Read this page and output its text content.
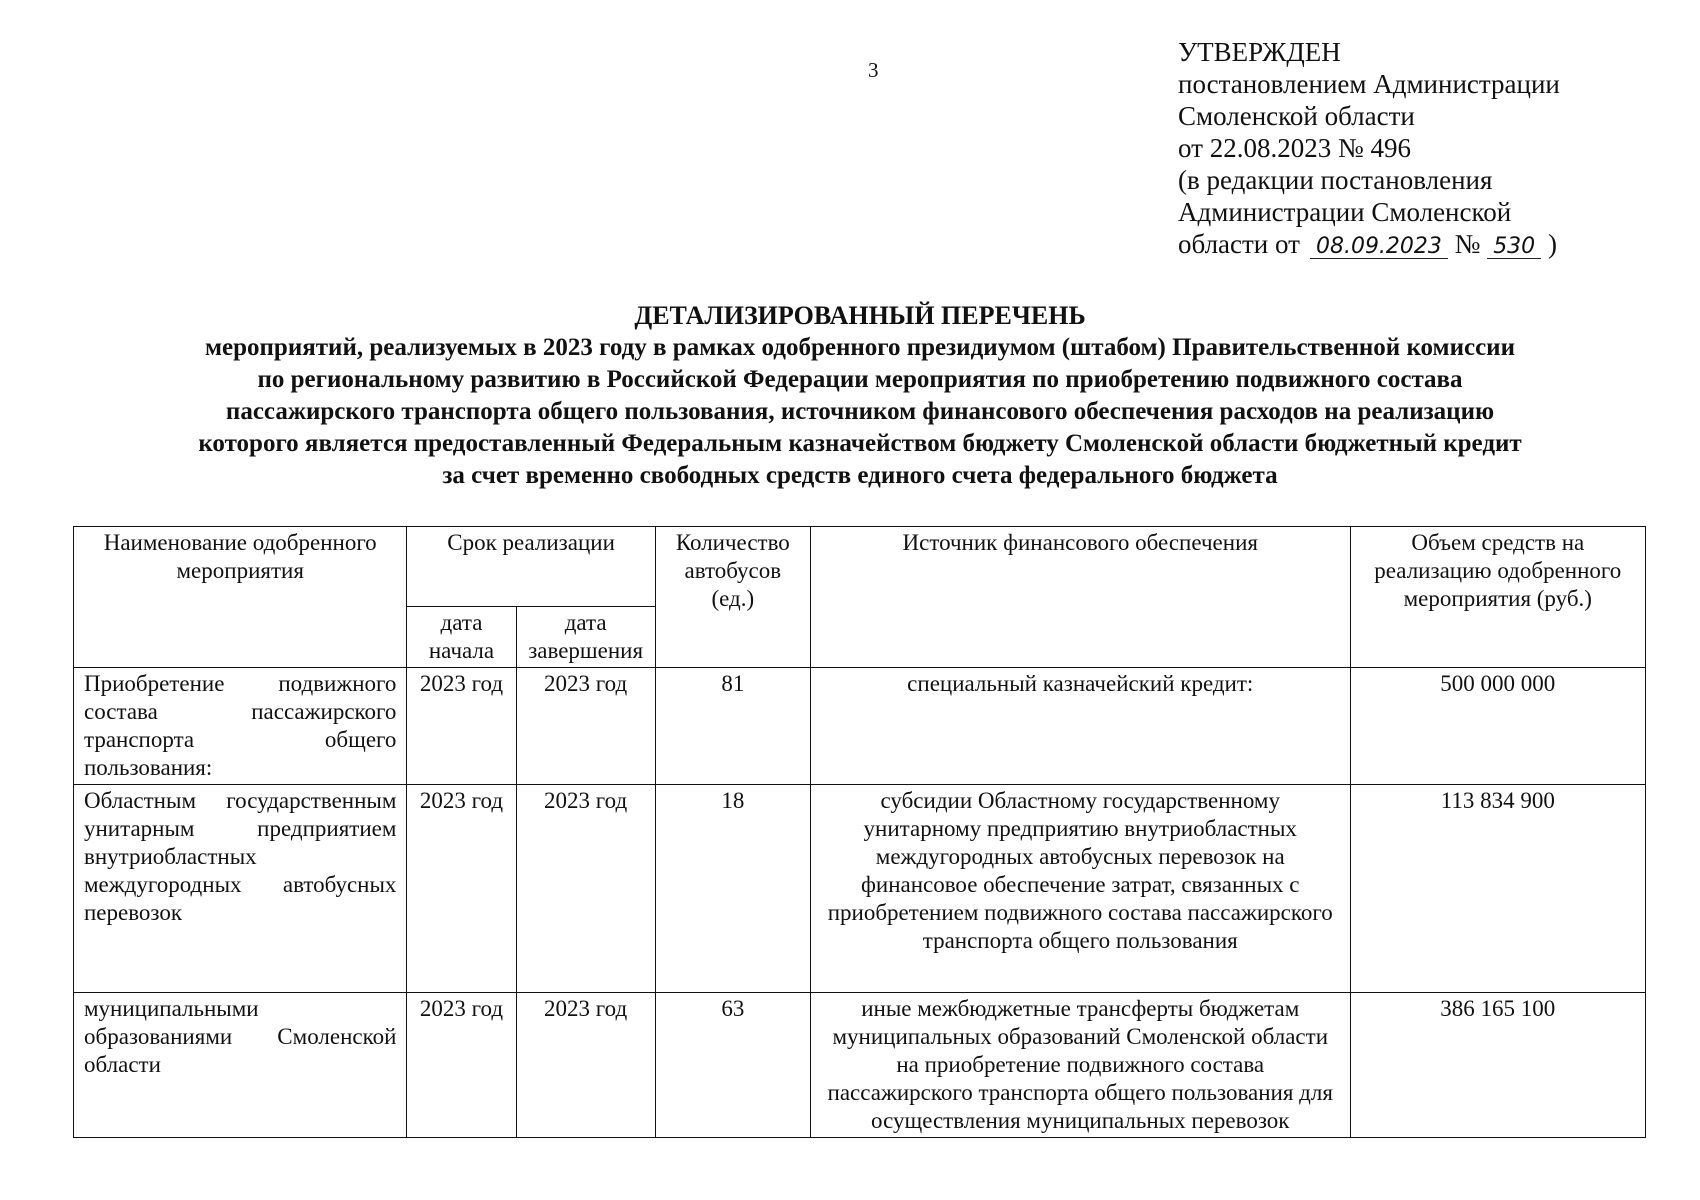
3
УТВЕРЖДЕН
постановлением Администрации
Смоленской области
от 22.08.2023 № 496
(в редакции постановления
Администрации Смоленской
области от 08.09.2023 № 530 )
ДЕТАЛИЗИРОВАННЫЙ ПЕРЕЧЕНЬ
мероприятий, реализуемых в 2023 году в рамках одобренного президиумом (штабом) Правительственной комиссии
по региональному развитию в Российской Федерации мероприятия по приобретению подвижного состава
пассажирского транспорта общего пользования, источником финансового обеспечения расходов на реализацию
которого является предоставленный Федеральным казначейством бюджету Смоленской области бюджетный кредит
за счет временно свободных средств единого счета федерального бюджета
Наименование одобренного мероприятия	Срок реализации		Количество автобусов (ед.)	Источник финансового обеспечения	Объем средств на реализацию одобренного мероприятия (руб.)
	дата начала	дата завершения			
Приобретение подвижного состава пассажирского транспорта общего пользования:	2023 год	2023 год	81	специальный казначейский кредит:	500 000 000
Областным государственным унитарным предприятием внутриобластных междугородных автобусных перевозок	2023 год	2023 год	18	субсидии Областному государственному унитарному предприятию внутриобластных междугородных автобусных перевозок на финансовое обеспечение затрат, связанных с приобретением подвижного состава пассажирского транспорта общего пользования	113 834 900
муниципальными образованиями Смоленской области	2023 год	2023 год	63	иные межбюджетные трансферты бюджетам муниципальных образований Смоленской области на приобретение подвижного состава пассажирского транспорта общего пользования для осуществления муниципальных перевозок	386 165 100
